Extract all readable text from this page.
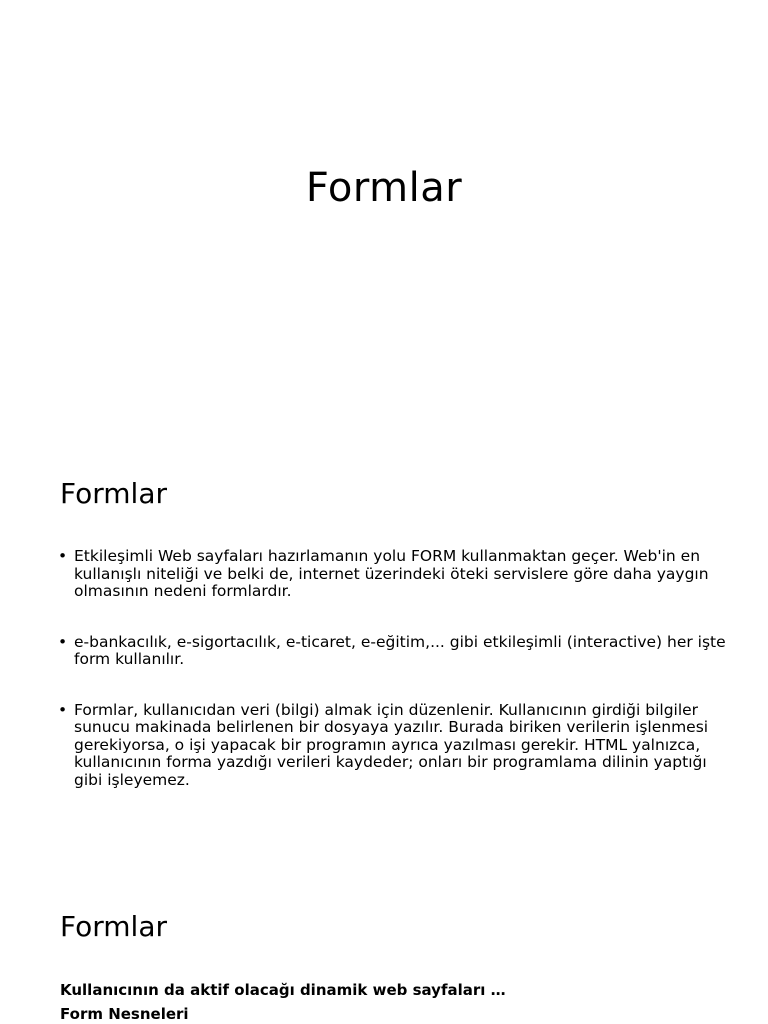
Formlar
Formlar
• Etkileşimli Web sayfaları hazırlamanın yolu FORM kullanmaktan geçer. Web'in en kullanışlı niteliği ve belki de, internet üzerindeki öteki servislere göre daha yaygın olmasının nedeni formlardır.
• e-bankacılık, e-sigortacılık, e-ticaret, e-eğitim,... gibi etkileşimli (interactive) her işte form kullanılır.
• Formlar, kullanıcıdan veri (bilgi) almak için düzenlenir. Kullanıcının girdiği bilgiler sunucu makinada belirlenen bir dosyaya yazılır. Burada biriken verilerin işlenmesi gerekiyorsa, o işi yapacak bir programın ayrıca yazılması gerekir. HTML yalnızca, kullanıcının forma yazdığı verileri kaydeder; onları bir programlama dilinin yaptığı gibi işleyemez.
Formlar

Kullanıcının da aktif olacağı dinamik web sayfaları …

Form Nesneleri
